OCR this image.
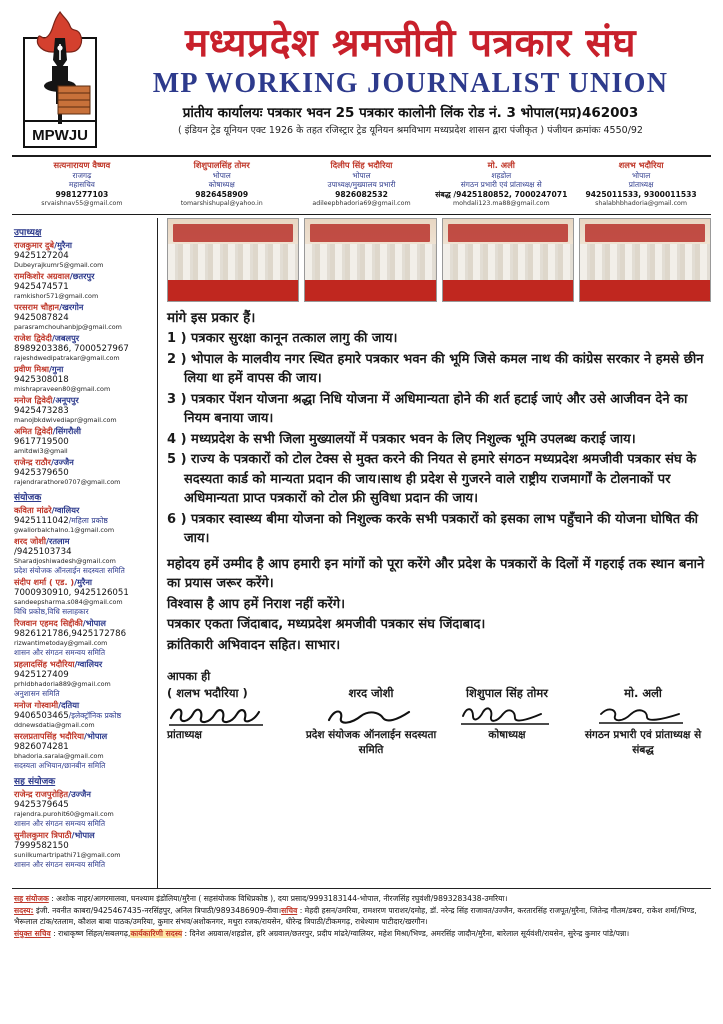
MPWJU
मध्यप्रदेश श्रमजीवी पत्रकार संघ
MP WORKING JOURNALIST UNION
प्रांतीय कार्यालयः पत्रकार भवन 25 पत्रकार कालोनी लिंक रोड नं. 3 भोपाल(मप्र)462003
( इंडियन ट्रेड यूनियन एक्ट 1926 के तहत रजिस्ट्रार ट्रेड यूनियन श्रमविभाग मध्यप्रदेश शासन द्वारा पंजीकृत ) पंजीयन क्रमांकः 4550/92
सत्यनारायण वैष्णव
राजगढ़
महासचिव
9981277103
srvaishnav55@gmail.com
शिशुपालसिंह तोमर
भोपाल
कोषाध्यक्ष
9826458909
tomarshishupal@yahoo.in
दिलीप सिंह भदौरिया
भोपाल
उपाध्यक्ष/मुख्यालय प्रभारी
9826082532
adileepbhadoria69@gmail.com
मो. अली
शहडोल
संगठन प्रभारी एवं प्रांताध्यक्ष से
संबद्ध /9425180852, 7000247071
mohdali123.ma88@gmail.com
शलभ भदौरिया
भोपाल
प्रांताध्यक्ष
9425011533, 9300011533
shalabhbhadoria@gmail.com
उपाध्यक्ष
राजकुमार दुबे/मुरैना
9425127204
Dubeyrajkumr5@gmail.com
रामकिशोर अग्रवाल/छतरपुर
9425474571
ramkishor571@gmail.com
परसराम चौहान/खरगोन
9425087824
parasramchouhanbjp@gmail.com
राजेश द्विवेदी/जबलपुर
8989203386, 7000527967
rajeshdwedipatrakar@gmail.com
प्रवीण मिश्रा/गुना
9425308018
mishrapraveen80@gmail.com
मनोज द्विवेदी/अनूपपुर
9425473283
manojbkdwivediapr@gmail.com
अमित द्विवेदी/सिंगरौली
9617719500
amitdwi3@gmail
राजेन्द्र राठौर/उज्जैन
9425379650
rajendrarathore0707@gmail.com
संयोजक
कविता मांढरे/ग्वालियर
9425111042/महिला प्रकोष्ठ
gwaliorbalchalno.1@gmail.com
शरद जोशी/रतलाम
/9425103734
Sharadjoshiwadesh@gmail.com
प्रदेश संयोजक ऑनलाईन सदस्यता समिति
संदीप शर्मा ( एड. )/मुरैना
7000930910, 9425126051
sandeepsharma.s084@gmail.com
विधि प्रकोष्ठ,विधि सलाहकार
रिजवान एहमद सिद्दीकी/भोपाल
9826121786,9425172786
rizwantimetoday@gmail.com
शासन और संगठन समन्वय समिति
प्रहलादसिंह भदौरिया/ग्वालियर
9425127409
prhldbhadoria889@gmail.com
अनुशासन समिति
मनोज गोस्वामी/दतिया
9406503465/इलेक्ट्रॉनिक प्रकोष्ठ
ddnewsdatia@gmail.com
सरलप्रतापसिंह भदौरिया/भोपाल
9826074281
bhadoria.sarala@gmail.com
सदस्यता अभियान/छानबीन समिति
सह संयोजक
राजेन्द्र राजपुरोहित/उज्जैन
9425379645
rajendra.purohit60@gmail.com
शासन और संगठन समन्वय समिति
सुनीलकुमार त्रिपाठी/भोपाल
7999582150
sunilkumartripathi71@gmail.com
शासन और संगठन समन्वय समिति
मांगे इस प्रकार हैं।
1 ) पत्रकार सुरक्षा कानून तत्काल लागु की जाय।
2 ) भोपाल के मालवीय नगर स्थित हमारे पत्रकार भवन की भूमि जिसे कमल नाथ की कांग्रेस सरकार ने हमसे छीन लिया था हमें वापस की जाय।
3 ) पत्रकार पेंशन योजना श्रद्धा निधि योजना में अधिमान्यता होने की शर्त हटाई जाएं और उसे आजीवन देने का नियम बनाया जाय।
4 ) मध्यप्रदेश के सभी जिला मुख्यालयों में पत्रकार भवन के लिए निशुल्क भूमि उपलब्ध कराई जाय।
5 ) राज्य के पत्रकारों को टोल टेक्स से मुक्त करने की नियत से हमारे संगठन मध्यप्रदेश श्रमजीवी पत्रकार संघ के सदस्यता कार्ड को मान्यता प्रदान की जाय।साथ ही प्रदेश से गुजरने वाले राष्ट्रीय राजमार्गों के टोलनाकों पर अधिमान्यता प्राप्त पत्रकारों को टोल फ्री सुविधा प्रदान की जाय।
6 ) पत्रकार स्वास्थ्य बीमा योजना को निशुल्क करके सभी पत्रकारों को इसका लाभ पहुँचाने की योजना घोषित की जाय।
महोदय हमें उम्मीद है आप हमारी इन मांगों को पूरा करेंगे और प्रदेश के पत्रकारों के दिलों में गहराई तक स्थान बनाने का प्रयास जरूर करेंगे।
विश्वास है आप हमें निराश नहीं करेंगे।
पत्रकार एकता जिंदाबाद, मध्यप्रदेश श्रमजीवी पत्रकार संघ जिंदाबाद।
क्रांतिकारी अभिवादन सहित। साभार।
आपका ही
( शलभ भदौरिया )
प्रांताध्यक्ष

शरद जोशी
प्रदेश संयोजक ऑनलाईन सदस्यता समिति

शिशुपाल सिंह तोमर
कोषाध्यक्ष

मो. अली
संगठन प्रभारी एवं प्रांताध्यक्ष से संबद्ध
सह संयोजक : अशोक नाहर/आगरमालवा, घनश्याम इंडोलिया/मुरैना ( सहसंयोजक विधिप्रकोष्ठ ), दया प्रसाद/9993183144-भोपाल, नीरजसिंह रघुवंशी/9893283438-उमरिया।
सदस्य: इंजी. नवनीत काबरा/9425467435-नरसिंहपुर, अनिल त्रिपाठी/9893486909-रीवा।सचिव : मेहदी हसन/उमरिया, रामशरण पाराशर/दमोह, डॉ. नरेन्द्र सिंह राजावत/उज्जैन, करतारसिंह राजपूत/मुरैना, जितेन्द्र गौतम/डबरा, राकेश शर्मा/भिण्ड, भैरूलाल टांक/रतलाम, कौशल बाबा पाठक/उमरिया, कुमार संभव/अशोकनगर, मथुरा रजक/रायसेन, धीरेन्द्र त्रिपाठी/टीकमगढ़, राधेश्याम पाटीदार/खरगौन।
संयुक्त सचिव : राधाकृष्ण सिंहल/सबलगढ़,कार्यकारिणी सदस्य : दिनेश अग्रवाल/शहडोल, हरि अग्रवाल/छतरपुर, प्रदीप मांढरे/ग्वालियर, महेश मिश्रा/भिण्ड, अमरसिंह जादौन/मुरैना, बारेलाल सूर्यवंशी/रायसेन, सुरेन्द्र कुमार पांडे/पन्ना।
